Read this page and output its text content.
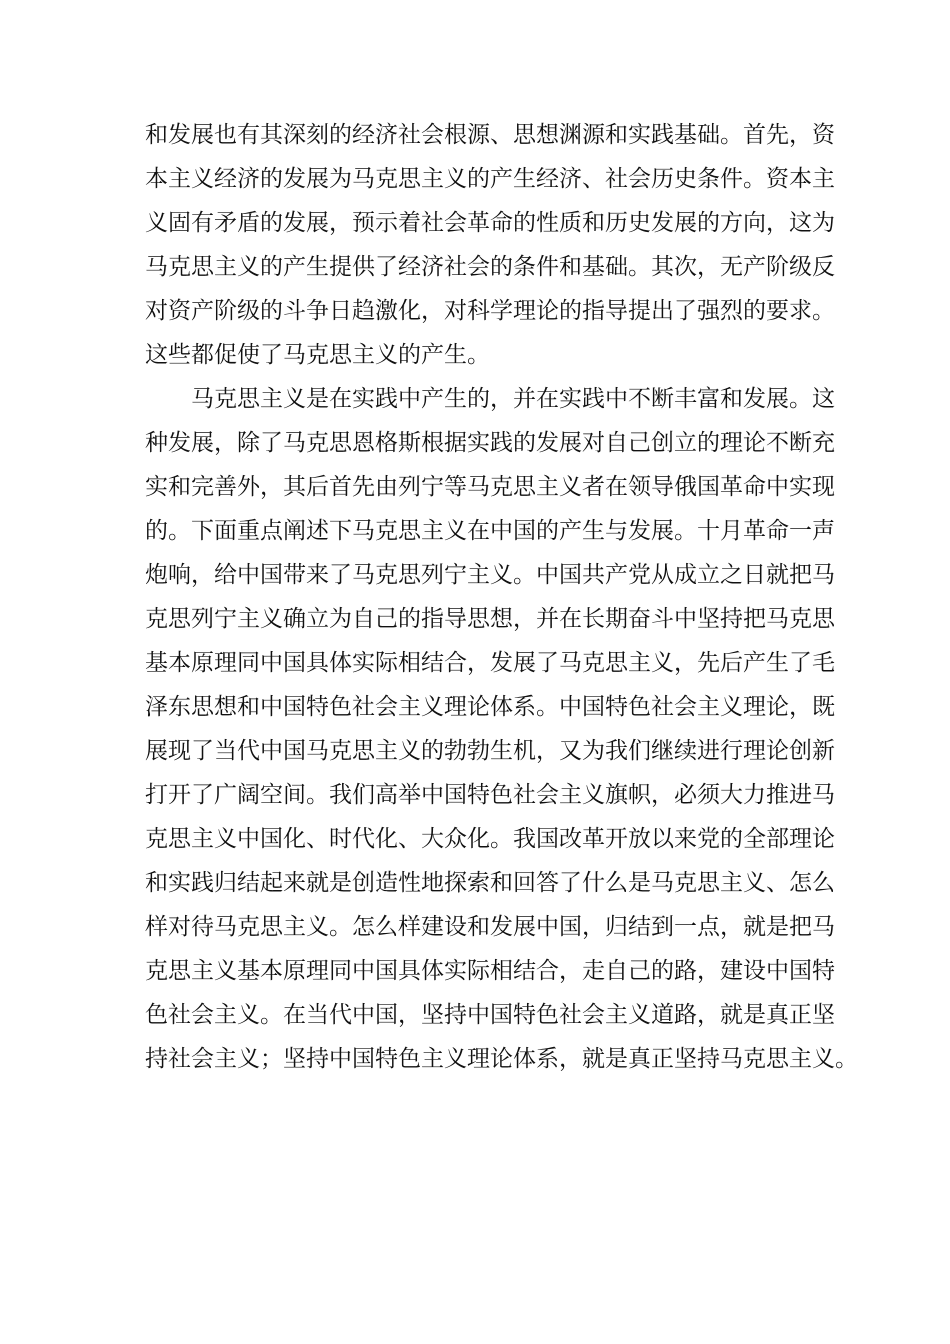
和发展也有其深刻的经济社会根源、思想渊源和实践基础。首先，资
本主义经济的发展为马克思主义的产生经济、社会历史条件。资本主
义固有矛盾的发展，预示着社会革命的性质和历史发展的方向，这为
马克思主义的产生提供了经济社会的条件和基础。其次，无产阶级反
对资产阶级的斗争日趋激化，对科学理论的指导提出了强烈的要求。
这些都促使了马克思主义的产生。
马克思主义是在实践中产生的，并在实践中不断丰富和发展。这
种发展，除了马克思恩格斯根据实践的发展对自己创立的理论不断充
实和完善外，其后首先由列宁等马克思主义者在领导俄国革命中实现
的。下面重点阐述下马克思主义在中国的产生与发展。十月革命一声
炮响，给中国带来了马克思列宁主义。中国共产党从成立之日就把马
克思列宁主义确立为自己的指导思想，并在长期奋斗中坚持把马克思
基本原理同中国具体实际相结合，发展了马克思主义，先后产生了毛
泽东思想和中国特色社会主义理论体系。中国特色社会主义理论，既
展现了当代中国马克思主义的勃勃生机，又为我们继续进行理论创新
打开了广阔空间。我们高举中国特色社会主义旗帜，必须大力推进马
克思主义中国化、时代化、大众化。我国改革开放以来党的全部理论
和实践归结起来就是创造性地探索和回答了什么是马克思主义、怎么
样对待马克思主义。怎么样建设和发展中国，归结到一点，就是把马
克思主义基本原理同中国具体实际相结合，走自己的路，建设中国特
色社会主义。在当代中国，坚持中国特色社会主义道路，就是真正坚
持社会主义；坚持中国特色主义理论体系，就是真正坚持马克思主义。
